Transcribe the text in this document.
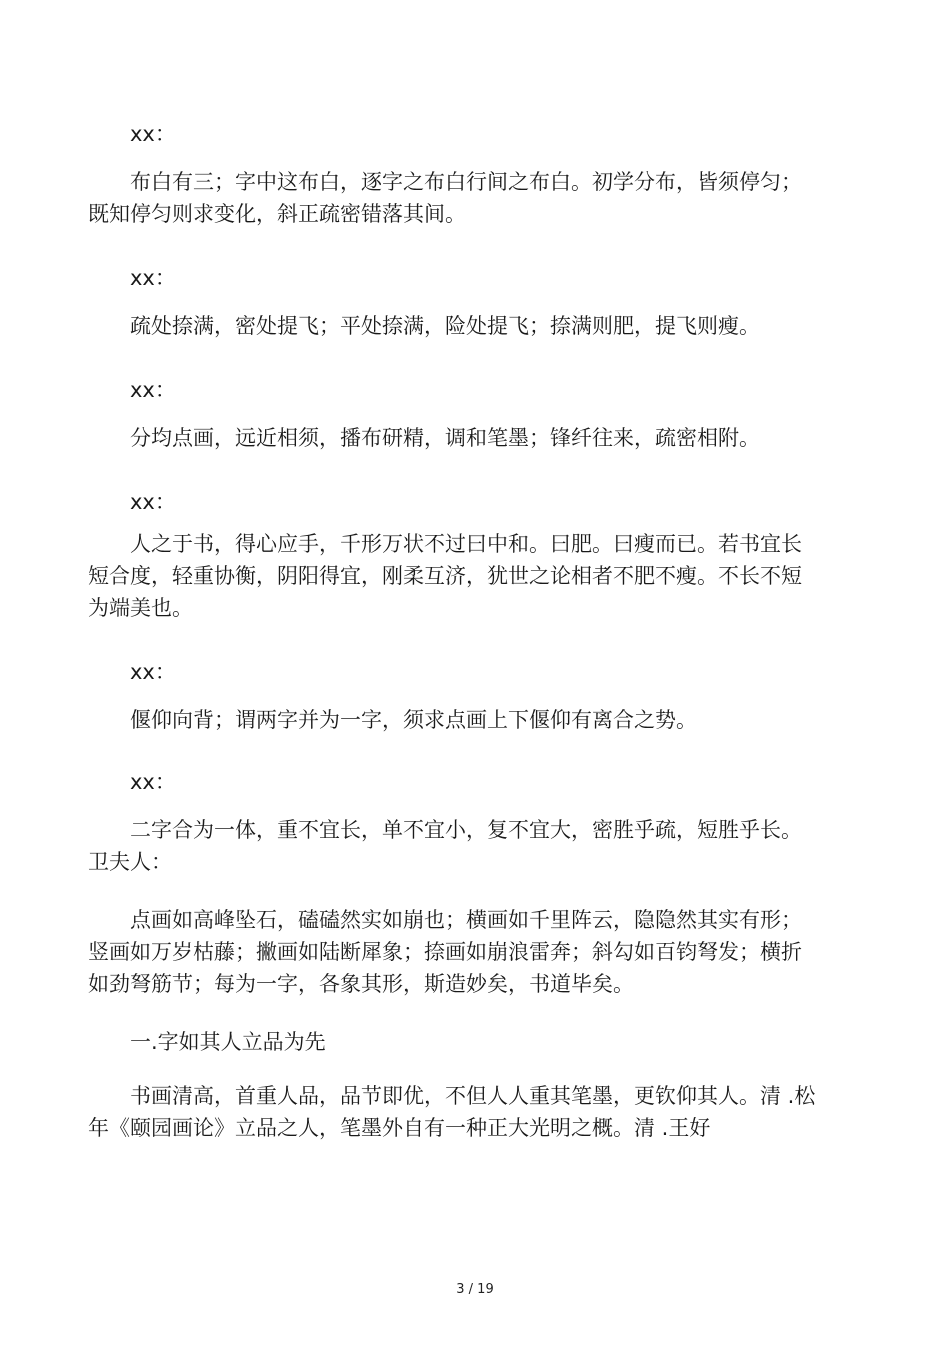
xx：
布白有三；字中这布白，逐字之布白行间之布白。初学分布，皆须停匀；
既知停匀则求变化，斜正疏密错落其间。
xx：
疏处捺满，密处提飞；平处捺满，险处提飞；捺满则肥，提飞则瘦。
xx：
分均点画，远近相须，播布研精，调和笔墨；锋纤往来，疏密相附。
xx：
人之于书，得心应手，千形万状不过曰中和。曰肥。曰瘦而已。若书宜长
短合度，轻重协衡，阴阳得宜，刚柔互济，犹世之论相者不肥不瘦。不长不短
为端美也。
xx：
偃仰向背；谓两字并为一字，须求点画上下偃仰有离合之势。
xx：
二字合为一体，重不宜长，单不宜小，复不宜大，密胜乎疏，短胜乎长。
卫夫人：
点画如高峰坠石，磕磕然实如崩也；横画如千里阵云，隐隐然其实有形；
竖画如万岁枯藤；撇画如陆断犀象；捺画如崩浪雷奔；斜勾如百钧弩发；横折
如劲弩筋节；每为一字，各象其形，斯造妙矣，书道毕矣。
一.字如其人立品为先
书画清高，首重人品，品节即优，不但人人重其笔墨，更钦仰其人。清 .松
年《颐园画论》立品之人，笔墨外自有一种正大光明之概。清 .王好
3 / 19
